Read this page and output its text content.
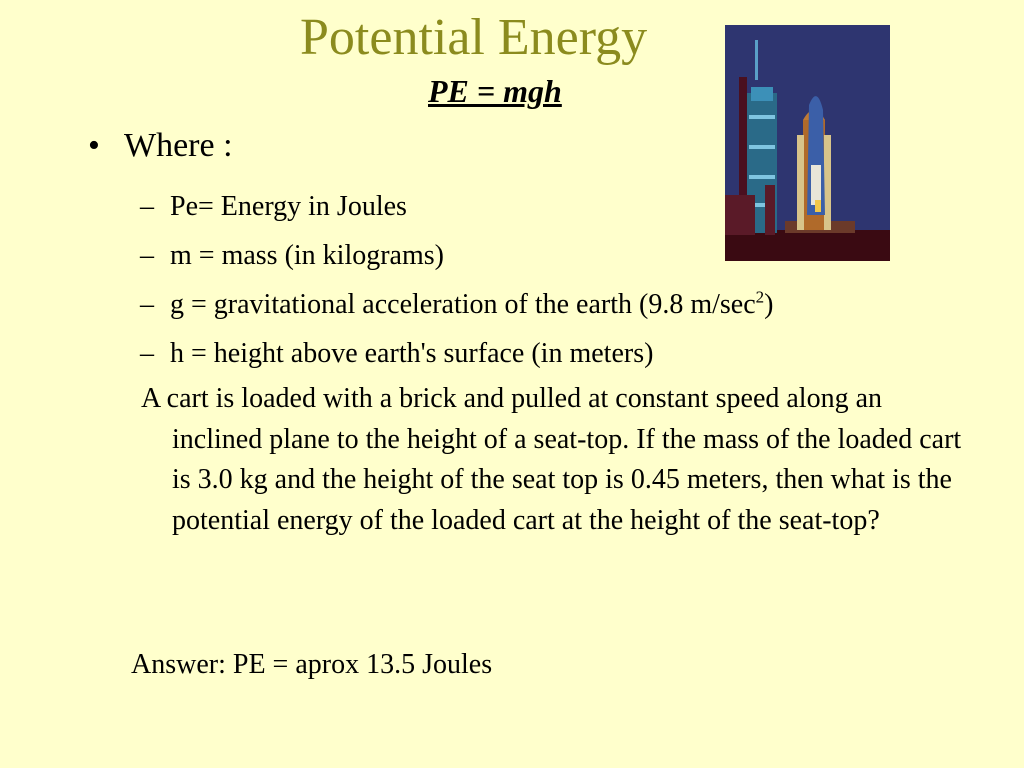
Potential Energy
PE = mgh
• Where :
– Pe= Energy in Joules
– m = mass (in kilograms)
– g = gravitational acceleration of the earth (9.8 $m/\sec^2$)
– h = height above earth's surface (in meters)
A cart is loaded with a brick and pulled at constant speed along an inclined plane to the height of a seat-top. If the mass of the loaded cart is 3.0 kg and the height of the seat top is 0.45 meters, then what is the potential energy of the loaded cart at the height of the seat-top?
Answer: PE = aprox 13.5 Joules
